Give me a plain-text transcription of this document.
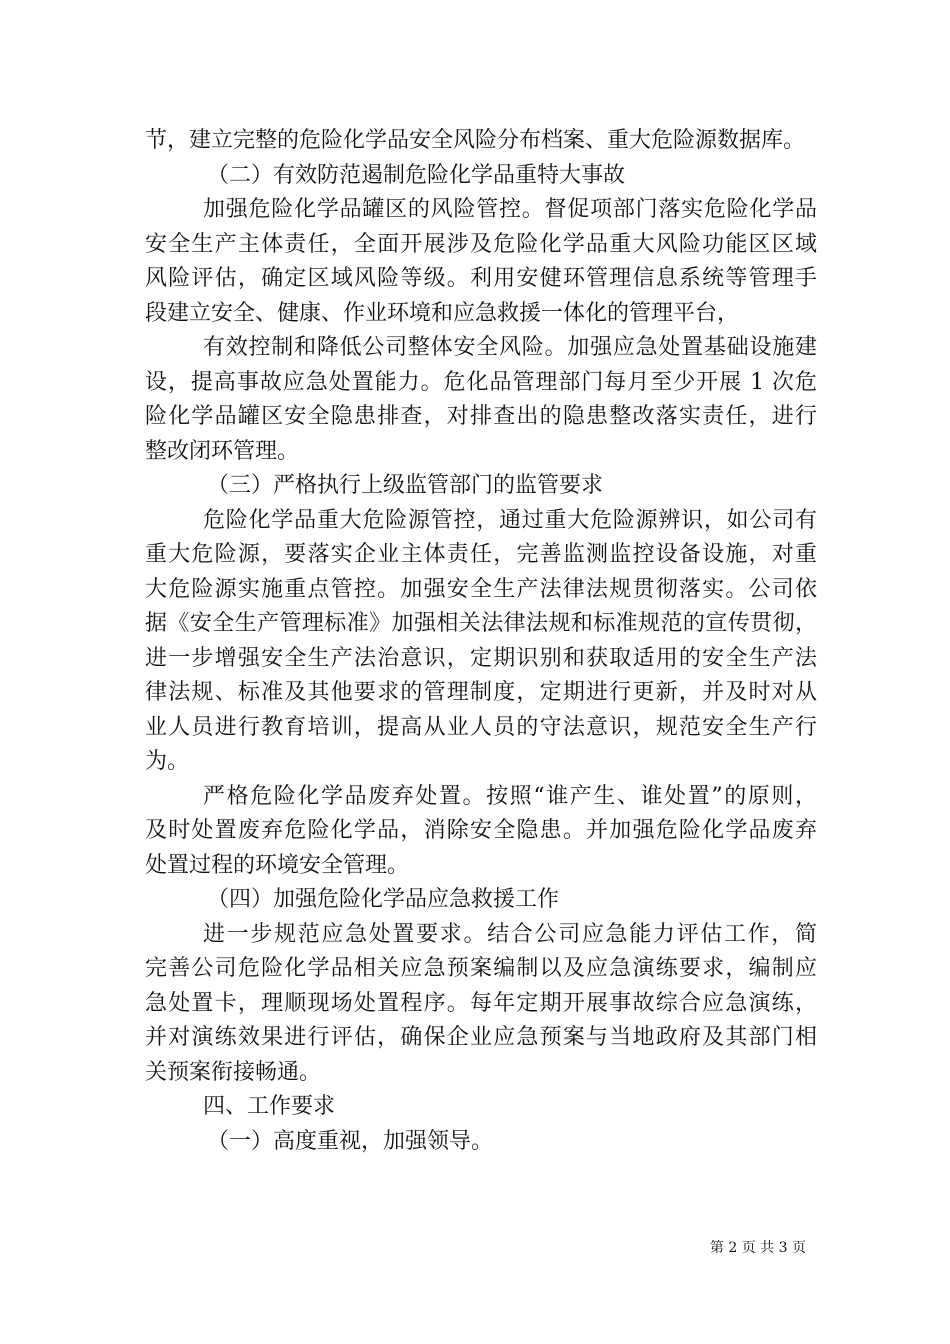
节，建立完整的危险化学品安全风险分布档案、重大危险源数据库。
（二）有效防范遏制危险化学品重特大事故
加强危险化学品罐区的风险管控。督促项部门落实危险化学品
安全生产主体责任，全面开展涉及危险化学品重大风险功能区区域
风险评估，确定区域风险等级。利用安健环管理信息系统等管理手
段建立安全、健康、作业环境和应急救援一体化的管理平台，
有效控制和降低公司整体安全风险。加强应急处置基础设施建
设，提高事故应急处置能力。危化品管理部门每月至少开展 1 次危
险化学品罐区安全隐患排查，对排查出的隐患整改落实责任，进行
整改闭环管理。
（三）严格执行上级监管部门的监管要求
危险化学品重大危险源管控，通过重大危险源辨识，如公司有
重大危险源，要落实企业主体责任，完善监测监控设备设施，对重
大危险源实施重点管控。加强安全生产法律法规贯彻落实。公司依
据《安全生产管理标准》加强相关法律法规和标准规范的宣传贯彻，
进一步增强安全生产法治意识，定期识别和获取适用的安全生产法
律法规、标准及其他要求的管理制度，定期进行更新，并及时对从
业人员进行教育培训，提高从业人员的守法意识，规范安全生产行
为。
严格危险化学品废弃处置。按照“谁产生、谁处置”的原则，
及时处置废弃危险化学品，消除安全隐患。并加强危险化学品废弃
处置过程的环境安全管理。
（四）加强危险化学品应急救援工作
进一步规范应急处置要求。结合公司应急能力评估工作，简
完善公司危险化学品相关应急预案编制以及应急演练要求，编制应
急处置卡，理顺现场处置程序。每年定期开展事故综合应急演练，
并对演练效果进行评估，确保企业应急预案与当地政府及其部门相
关预案衔接畅通。
四、工作要求
（一）高度重视，加强领导。
第 2 页 共 3 页
